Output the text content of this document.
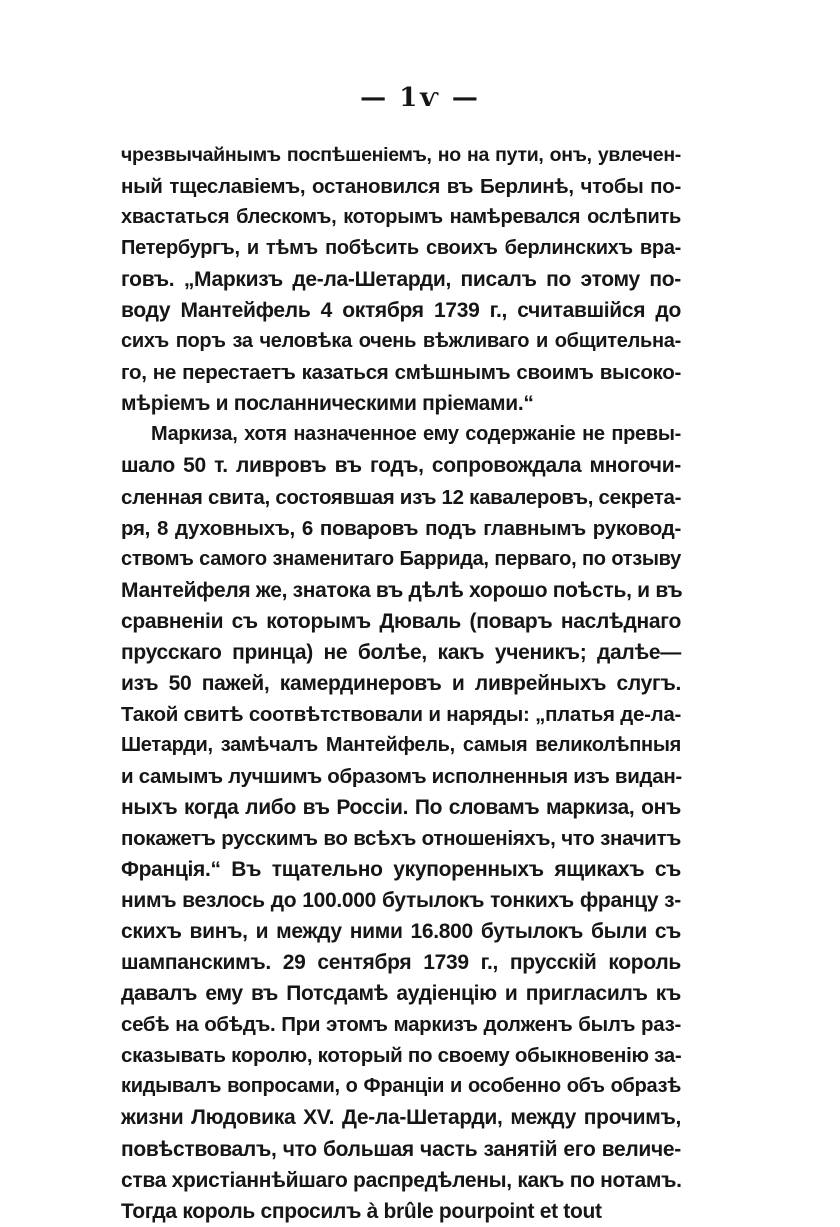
— 1ѵ —
чрезвычайнымъ поспѣшеніемъ, но на пути, онъ, увлечен-
ный тщеславіемъ, остановился въ Берлинѣ, чтобы по-
хвастаться блескомъ, которымъ намѣревался ослѣпить
Петербургъ, и тѣмъ побѣсить своихъ берлинскихъ вра-
говъ. „Маркизъ де-ла-Шетарди, писалъ по этому по-
воду Мантейфель 4 октября 1739 г., считавшійся до
сихъ поръ за человѣка очень вѣжливаго и общительна-
го, не перестаетъ казаться смѣшнымъ своимъ высоко-
мѣріемъ и посланническими пріемами.“
Маркиза, хотя назначенное ему содержаніе не превы-
шало 50 т. ливровъ въ годъ, сопровождала многочи-
сленная свита, состоявшая изъ 12 кавалеровъ, секрета-
ря, 8 духовныхъ, 6 поваровъ подъ главнымъ руковод-
ствомъ самого знаменитаго Баррида, перваго, по отзыву
Мантейфеля же, знатока въ дѣлѣ хорошо поѣсть, и въ
сравненіи съ которымъ Дюваль (поваръ наслѣднаго
прусскаго принца) не болѣе, какъ ученикъ; далѣе—
изъ 50 пажей, камердинеровъ и ливрейныхъ слугъ.
Такой свитѣ соотвѣтствовали и наряды: „платья де-ла-
Шетарди, замѣчалъ Мантейфель, самыя великолѣпныя
и самымъ лучшимъ образомъ исполненныя изъ видан-
ныхъ когда либо въ Россіи. По словамъ маркиза, онъ
покажетъ русскимъ во всѣхъ отношеніяхъ, что значитъ
Франція.“ Въ тщательно укупоренныхъ ящикахъ съ
нимъ везлось до 100.000 бутылокъ тонкихъ францу з-
скихъ винъ, и между ними 16.800 бутылокъ были съ
шампанскимъ. 29 сентября 1739 г., прусскій король
давалъ ему въ Потсдамѣ аудіенцію и пригласилъ къ
себѣ на обѣдъ. При этомъ маркизъ долженъ былъ раз-
сказывать королю, который по своему обыкновенію за-
кидывалъ вопросами, о Франціи и особенно объ образѣ
жизни Людовика XV. Де-ла-Шетарди, между прочимъ,
повѣствовалъ, что большая часть занятій его величе-
ства христіаннѣйшаго распредѣлены, какъ по нотамъ.
Тогда король спросилъ à brûle pourpoint et tout
